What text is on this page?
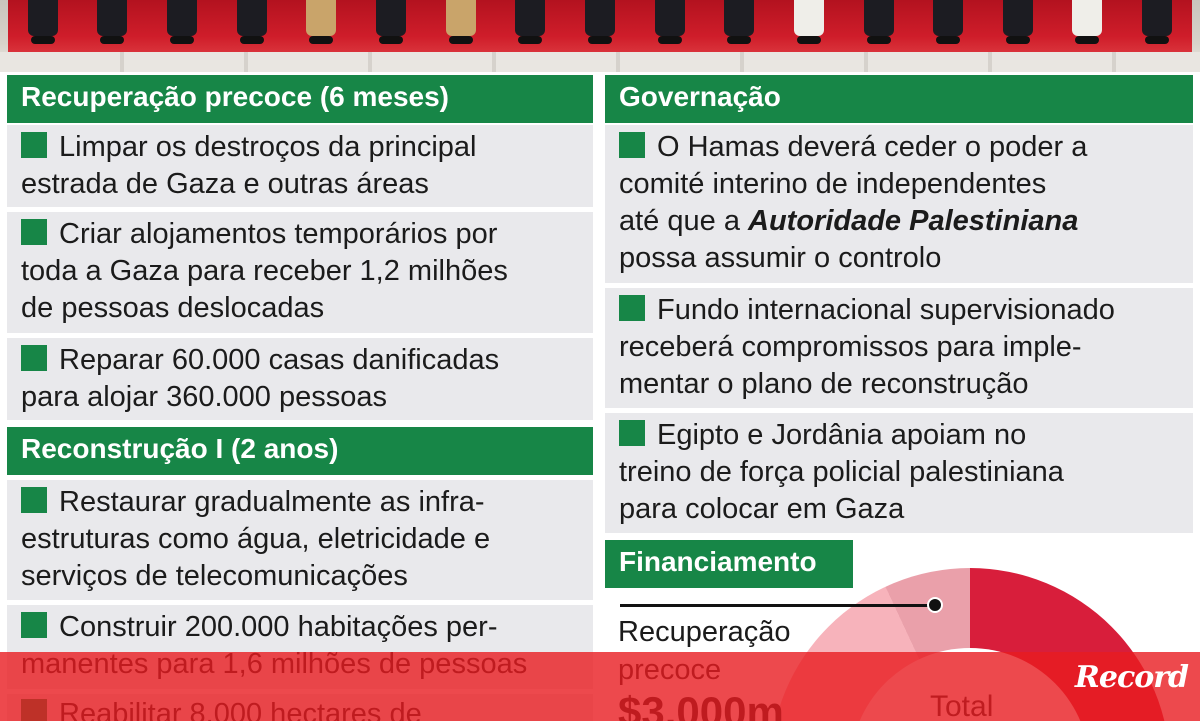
Recuperação precoce (6 meses)
Limpar os destroços da principal
estrada de Gaza e outras áreas
Criar alojamentos temporários por
toda a Gaza para receber 1,2 milhões
de pessoas deslocadas
Reparar 60.000 casas danificadas
para alojar 360.000 pessoas
Reconstrução I (2 anos)
Restaurar gradualmente as infra-
estruturas como água, eletricidade e
serviços de telecomunicações
Construir 200.000 habitações per-
Governação
O Hamas deverá ceder o poder a
comité interino de independentes
até que a Autoridade Palestiniana
possa assumir o controlo
Fundo internacional supervisionado
receberá compromissos para imple-
mentar o plano de reconstrução
Egipto e Jordânia apoiam no
treino de força policial palestiniana
para colocar em Gaza
Financiamento
Recuperação
Record
